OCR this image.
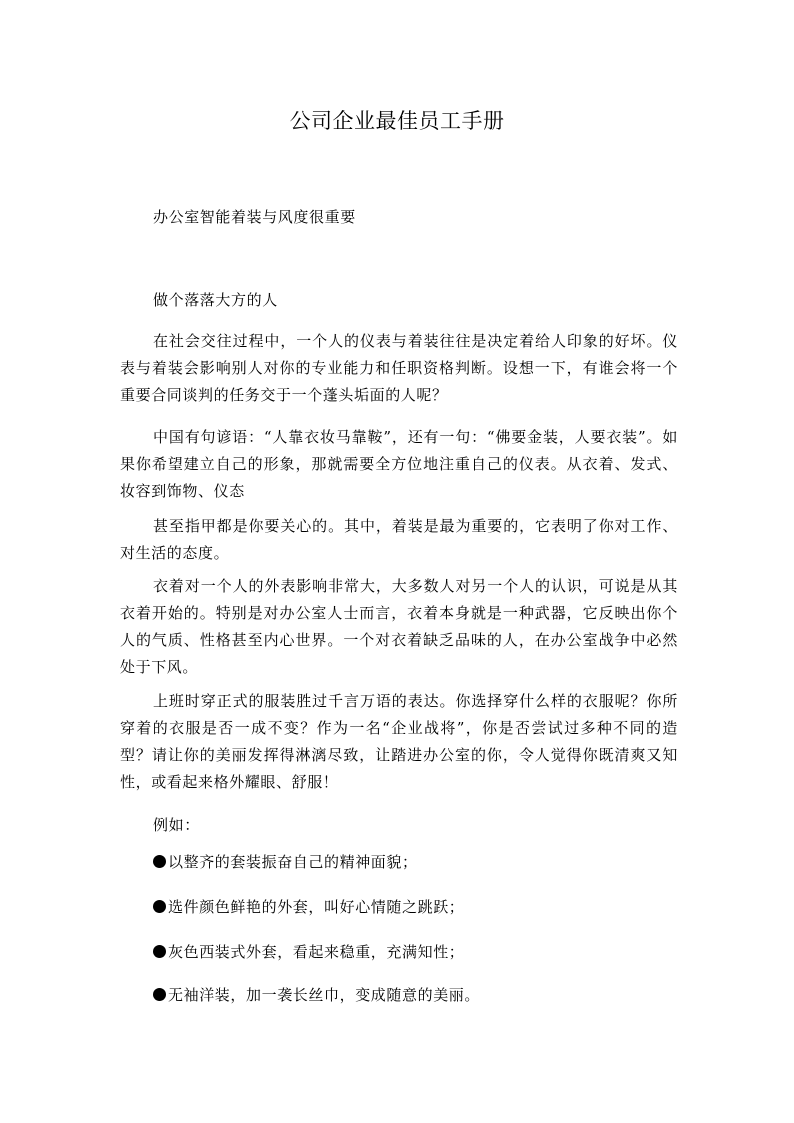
公司企业最佳员工手册

办公室智能着装与风度很重要

做个落落大方的人

在社会交往过程中，一个人的仪表与着装往往是决定着给人印象的好坏。仪表与着装会影响别人对你的专业能力和任职资格判断。设想一下，有谁会将一个重要合同谈判的任务交于一个蓬头垢面的人呢？

中国有句谚语：“人靠衣妆马靠鞍”，还有一句：“佛要金装，人要衣装”。如果你希望建立自己的形象，那就需要全方位地注重自己的仪表。从衣着、发式、妆容到饰物、仪态

甚至指甲都是你要关心的。其中，着装是最为重要的，它表明了你对工作、对生活的态度。

衣着对一个人的外表影响非常大，大多数人对另一个人的认识，可说是从其衣着开始的。特别是对办公室人士而言，衣着本身就是一种武器，它反映出你个人的气质、性格甚至内心世界。一个对衣着缺乏品味的人，在办公室战争中必然处于下风。

上班时穿正式的服装胜过千言万语的表达。你选择穿什么样的衣服呢？你所穿着的衣服是否一成不变？作为一名“企业战将”，你是否尝试过多种不同的造型？请让你的美丽发挥得淋漓尽致，让踏进办公室的你，令人觉得你既清爽又知性，或看起来格外耀眼、舒服！

例如：

以整齐的套装振奋自己的精神面貌；

选件颜色鲜艳的外套，叫好心情随之跳跃；

灰色西装式外套，看起来稳重，充满知性；

无袖洋装，加一袭长丝巾，变成随意的美丽。
